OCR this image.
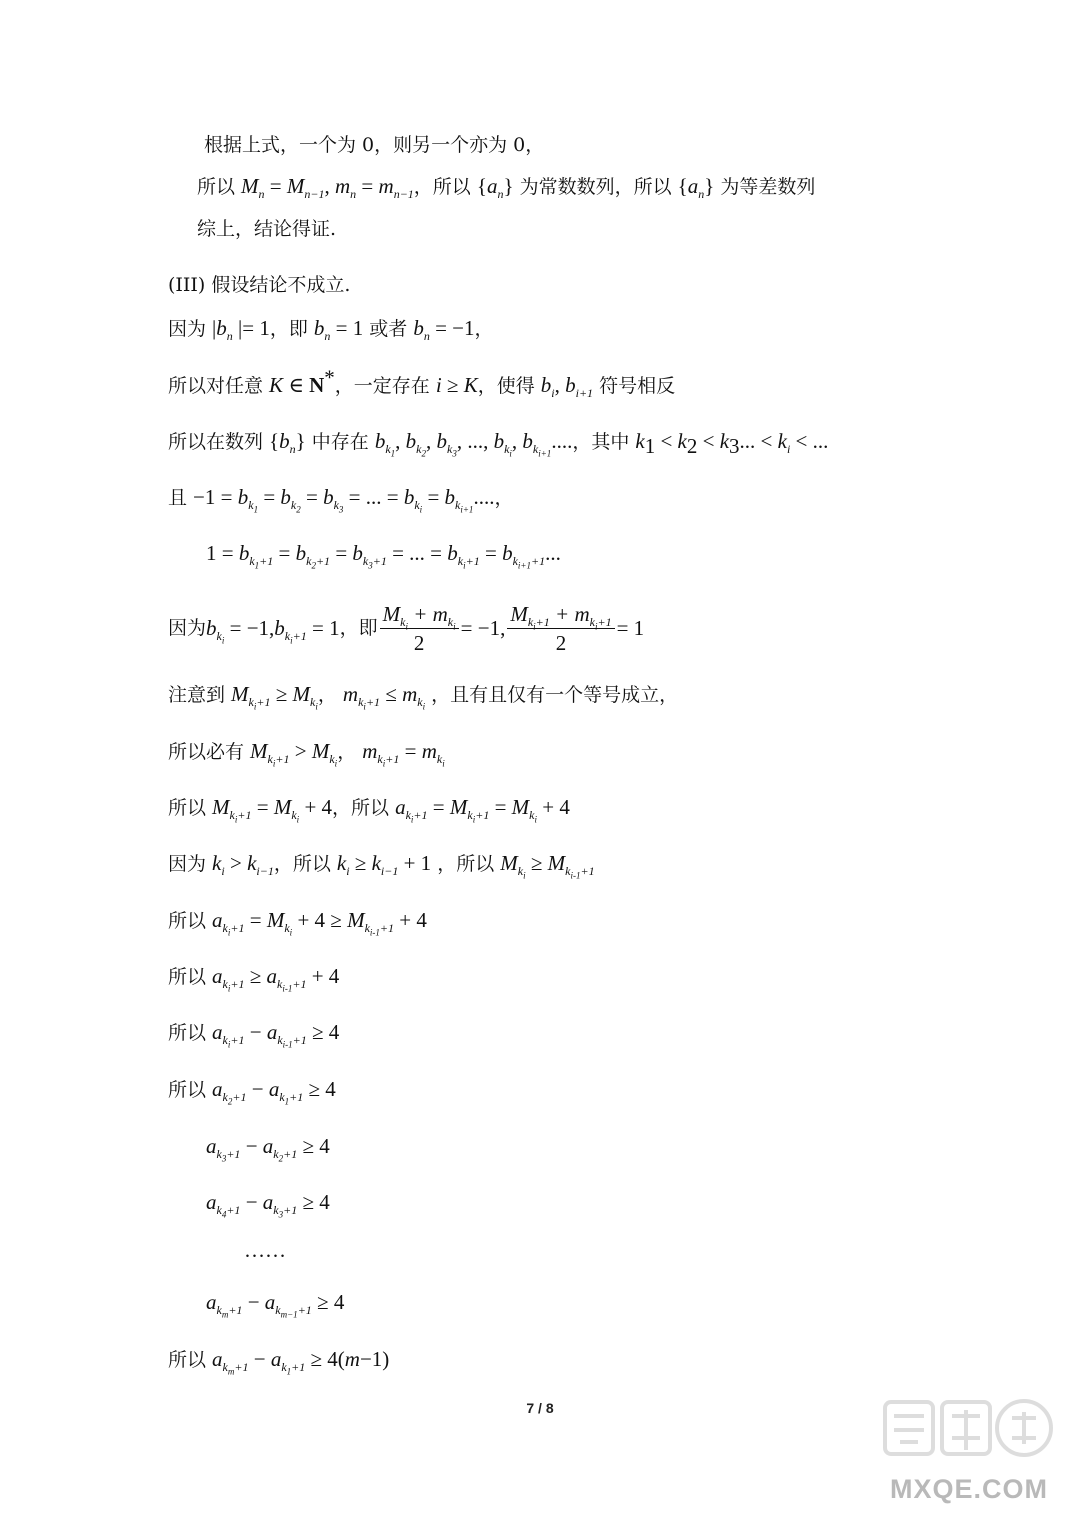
根据上式，一个为 0，则另一个亦为 0，
所以 $M_n = M_{n-1}$, $m_n = m_{n-1}$，所以 $\{a_n\}$ 为常数数列，所以 $\{a_n\}$ 为等差数列
综上，结论得证.
(III) 假设结论不成立.
因为 $|b_n$ |= 1，即 $b_n = 1$ 或者 $b_n = -1$，
所以对任意 K ∈ N*，一定存在 i ≥ K，使得 $b_i$, $b_{i+1}$ 符号相反
所以在数列 $\{b_n\}$ 中存在 $b_{k_1}$, $b_{k_2}$, $b_{k_3}$, ..., $b_{k_i}$, $b_{k_{i+1}}$....，其中 $k_1 < k_2 < k_3$... < $k_i$ < ...
且 $-1 = b_{k_1} = b_{k_2} = b_{k_3}$ = ... = $b_{k_i} = b_{k_{i+1}}$....，
$1 = b_{k_1+1} = b_{k_2+1} = b_{k_3+1}$ = ... = $b_{k_i+1} = b_{k_{i+1}+1}$...
因为 $b_{k_i} = -1$, $b_{k_i+1} = 1$ ，即 $\frac{M_{k_i} + m_{k_i}}{2} = -1$, $\frac{M_{k_i+1} + m_{k_i+1}}{2} = 1$
注意到 $M_{k_i+1} \ge M_{k_i}$， $m_{k_i+1} \le m_{k_i}$ ，且有且仅有一个等号成立，
所以必有 $M_{k_i+1} > M_{k_i}$， $m_{k_i+1} = m_{k_i}$
所以 $M_{k_i+1} = M_{k_i} + 4$，所以 $a_{k_i+1} = M_{k_i+1} = M_{k_i} + 4$
因为 $k_i > k_{i-1}$，所以 $k_i \ge k_{i-1} + 1$ ，所以 $M_{k_i} \ge M_{k_{i-1}+1}$
所以 $a_{k_i+1} = M_{k_i} + 4 \ge M_{k_{i-1}+1} + 4$
所以 $a_{k_i+1} \ge a_{k_{i-1}+1} + 4$
所以 $a_{k_i+1} - a_{k_{i-1}+1} \ge 4$
所以 $a_{k_2+1} - a_{k_1+1} \ge 4$
$a_{k_3+1} - a_{k_2+1} \ge 4$
$a_{k_4+1} - a_{k_3+1} \ge 4$
……
$a_{k_m+1} - a_{k_{m-1}+1} \ge 4$
所以 $a_{k_m+1} - a_{k_1+1} \ge 4(m-1)$
7 / 8
MXQE.COM
